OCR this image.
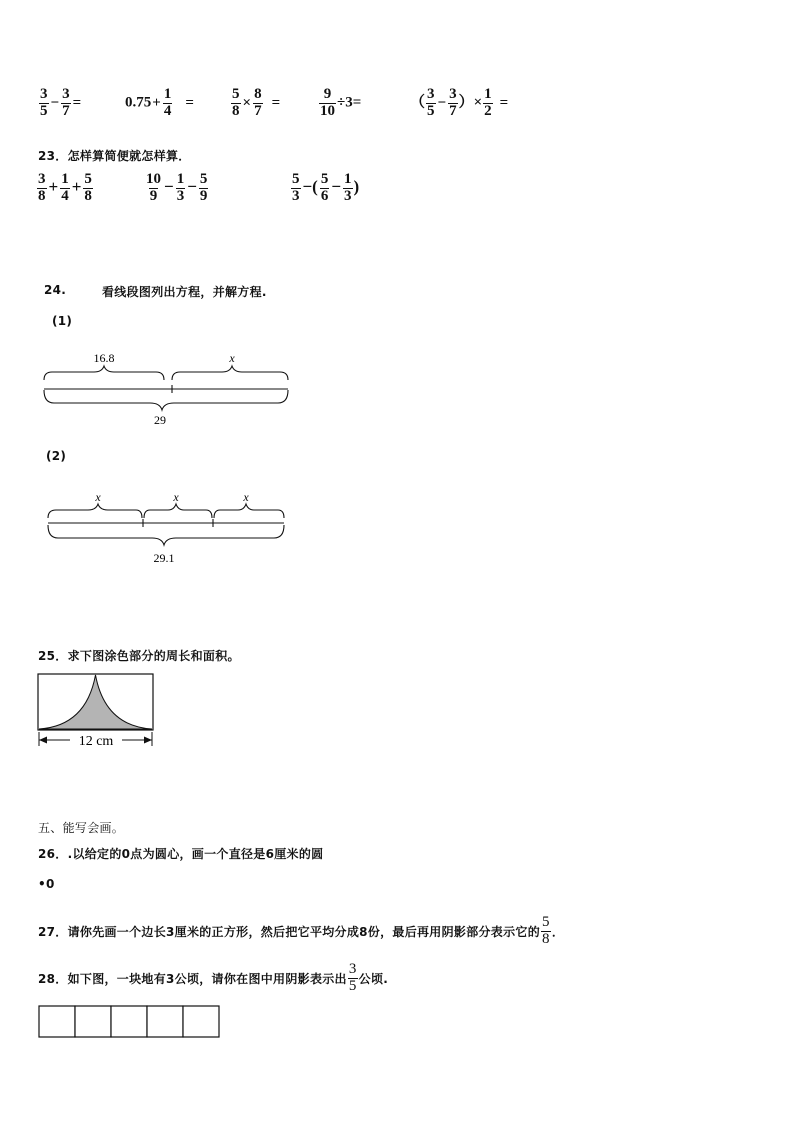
$\frac{3}{5} - \frac{3}{7}$ =	$0.75+ \frac{1}{4} = \frac{5}{8} \times \frac{8}{7}$ =	$\frac{9}{10} \div 3=$	（ $\frac{3}{5} - \frac{3}{7}$ ）× $\frac{1}{2}$ =
23．怎样算简便就怎样算．
$\frac{3}{8} + \frac{1}{4} + \frac{5}{8}$	$\frac{10}{9} - \frac{1}{3} - \frac{5}{9}$	$\frac{5}{3}$ −( $\frac{5}{6} - \frac{1}{3}$ )
24.	看线段图列出方程，并解方程.
(1)
16.8	x
29
(2)
x	x	x
29.1
25．求下图涂色部分的周长和面积。
12 cm
五、能写会画。
26．.以给定的0点为圆心，画一个直径是6厘米的圆
•0
27．请你先画一个边长3厘米的正方形，然后把它平均分成8份，最后再用阴影部分表示它的 $\frac{5}{8}$ ．
28．如下图，一块地有3公顷，请你在图中用阴影表示出 $\frac{3}{5}$ 公顷.
